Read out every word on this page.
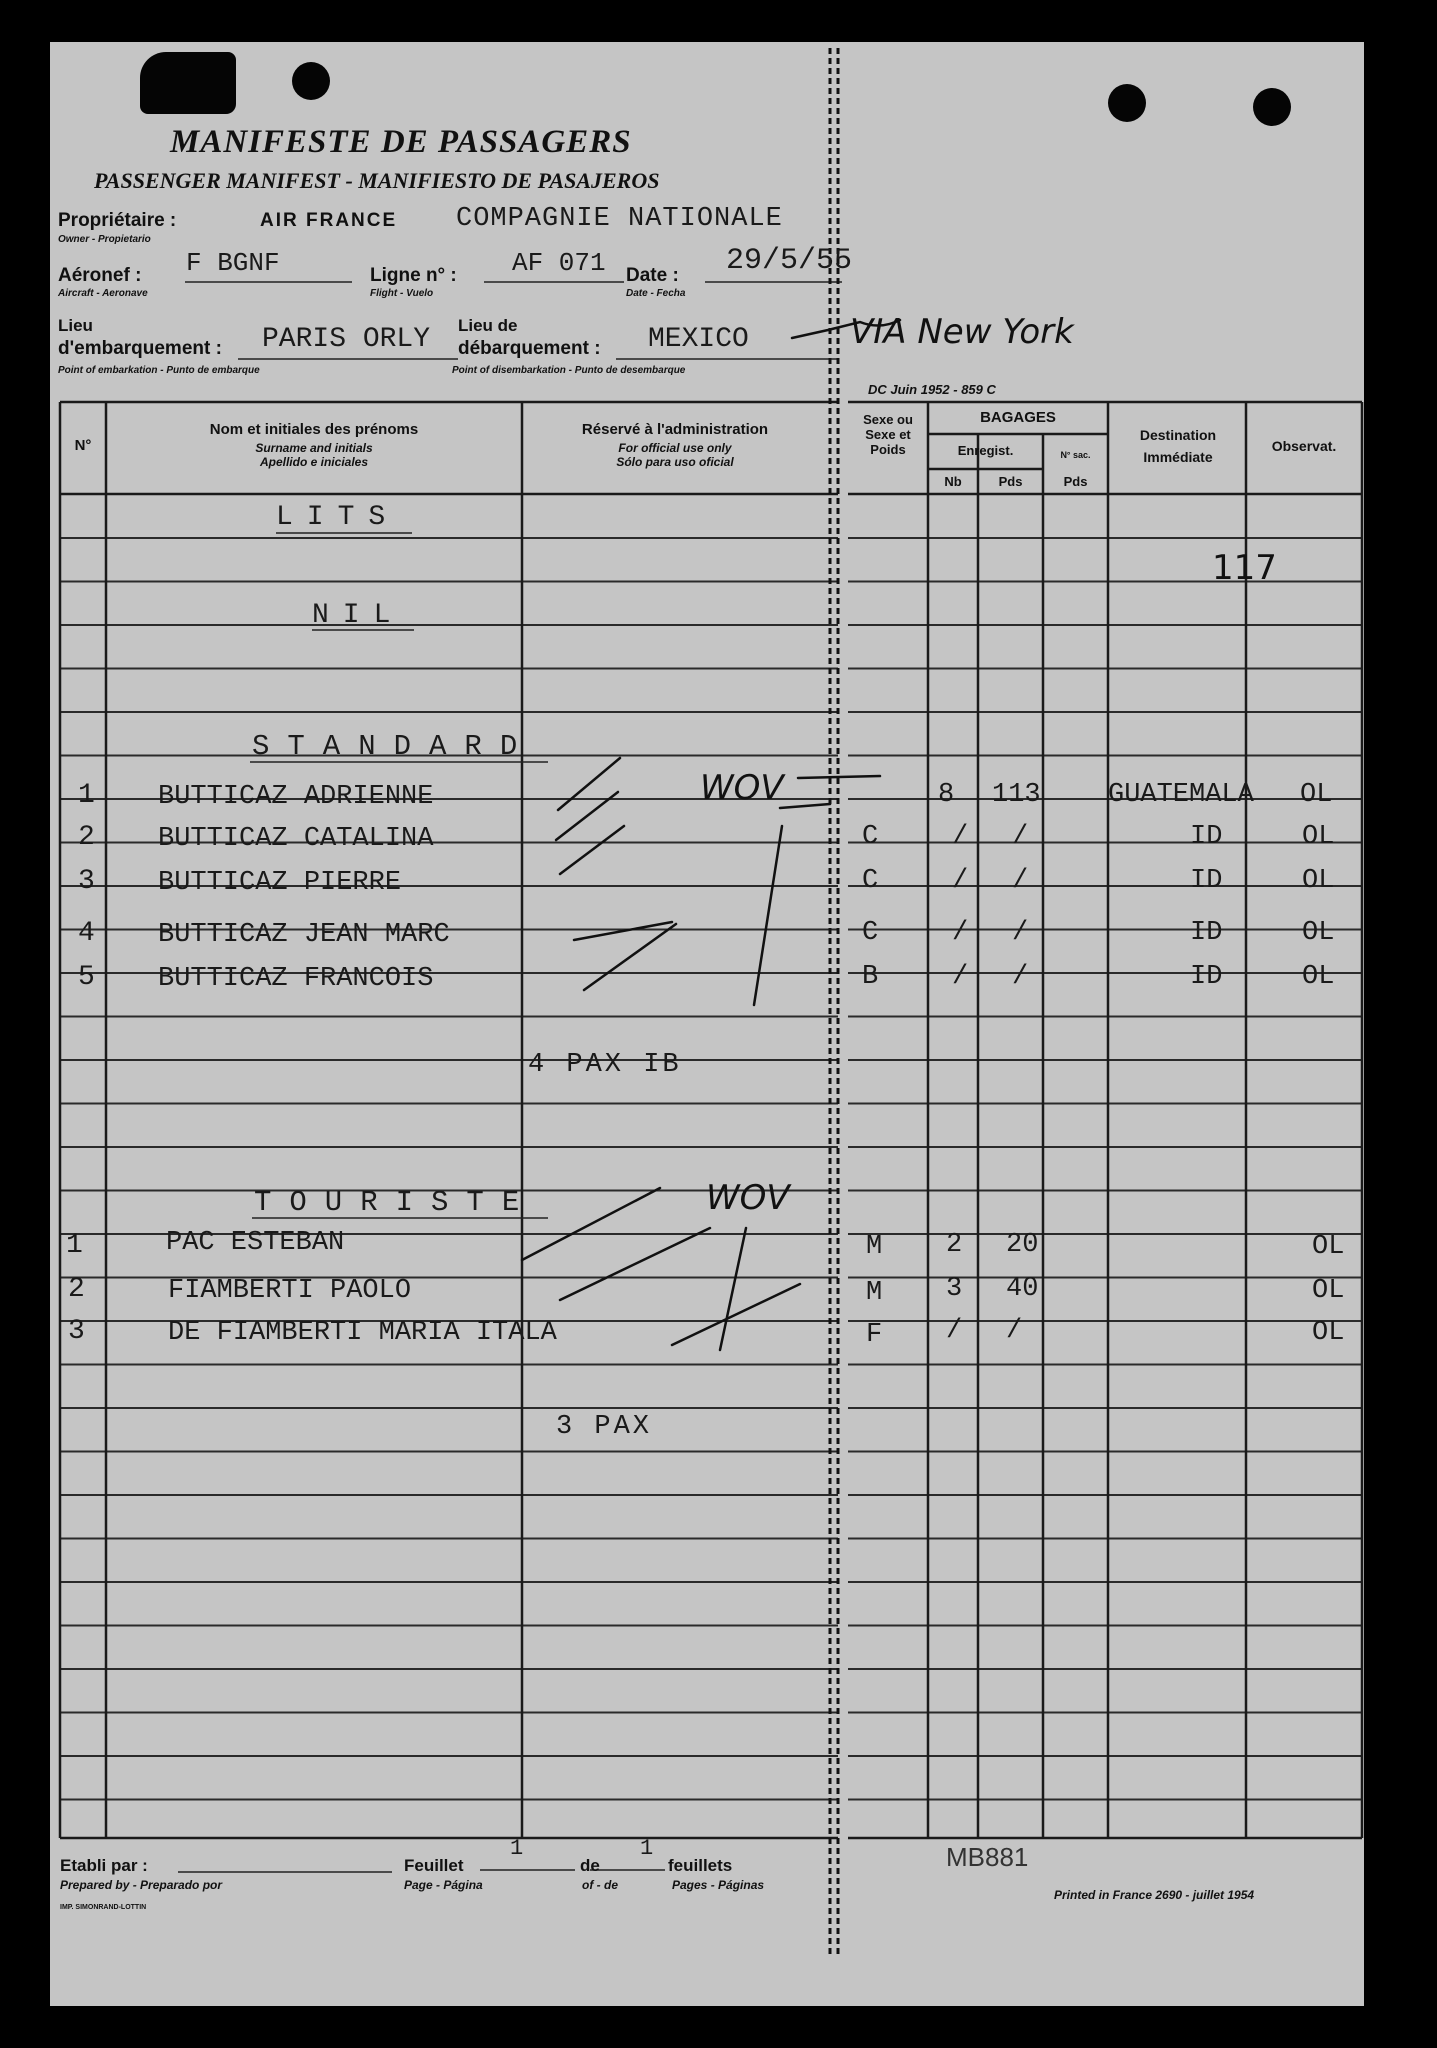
MANIFESTE DE PASSAGERS
PASSENGER MANIFEST - MANIFIESTO DE PASAJEROS
Propriétaire :
Owner - Propietario
AIR FRANCE COMPAGNIE NATIONALE
Aéronef :
Aircraft - Aeronave
F BGNF	Ligne n° :
Flight - Vuelo
AF 071 Date :
Date - Fecha
29/5/55
Lieu
d'embarquement :
Point of embarkation - Punto de embarque
PARIS ORLY Lieu de
débarquement :
Point of disembarkation - Punto de desembarque
MEXICO	VIA New York
DC Juin 1952 - 859 C
N°
Nom et initiales des prénoms
Surname and initials
Apellido e iniciales
Réservé à l'administration
For official use only
Sólo para uso oficial
Sexe ou Sexe et Poids
BAGAGES
Enregist.
Nb	Pds
N° sac.
Pds
Destination Immédiate
Observat.
117
LITS
NIL
STANDARD
WOV
1 BUTTICAZ ADRIENNE	8 113 GUATEMALA OL
2 BUTTICAZ CATALINA	C	/ /	ID	OL
3 BUTTICAZ PIERRE	C	/ /	ID	OL
4 BUTTICAZ JEAN MARC	C	/ /	ID	OL
5 BUTTICAZ FRANCOIS	B	/ /	ID	OL
4 PAX IB
TOURISTE	WOV
1	PAC ESTEBAN	M 2 20	OL
2	FIAMBERTI PAOLO	M 3 40	OL
3	DE FIAMBERTI MARIA ITALA	F / /	OL
3 PAX
Etabli par :
Prepared by - Preparado por
Feuillet
Page - Página
1
de
of - de
1
feuillets
Pages - Páginas
MB881
Printed in France 2690 - juillet 1954
IMP. SIMONRAND-LOTTIN
